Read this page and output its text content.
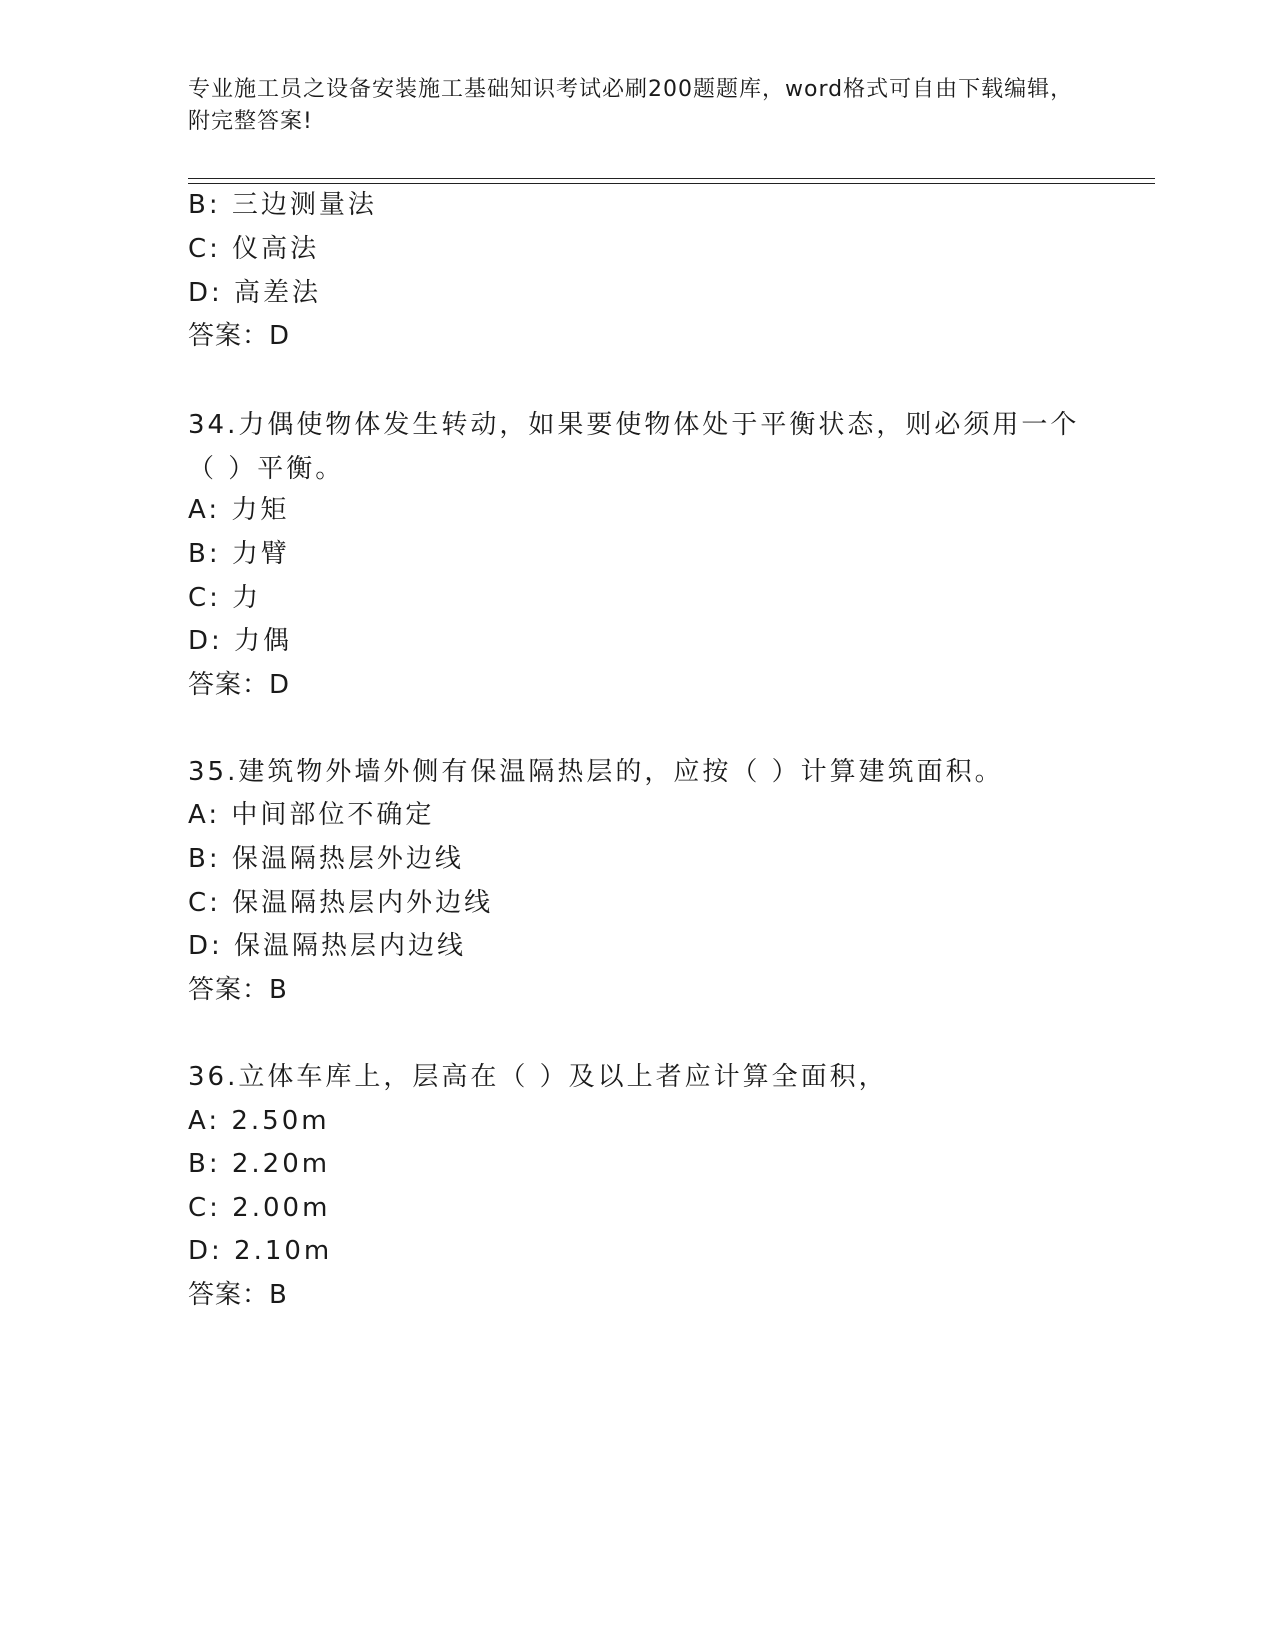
专业施工员之设备安装施工基础知识考试必刷200题题库，word格式可自由下载编辑，附完整答案!
B: 三边测量法
C: 仪高法
D: 高差法
答案：D
34.力偶使物体发生转动，如果要使物体处于平衡状态，则必须用一个（ ）平衡。
A: 力矩
B: 力臂
C: 力
D: 力偶
答案：D
35.建筑物外墙外侧有保温隔热层的，应按（ ）计算建筑面积。
A: 中间部位不确定
B: 保温隔热层外边线
C: 保温隔热层内外边线
D: 保温隔热层内边线
答案：B
36.立体车库上，层高在（ ）及以上者应计算全面积，
A: 2.50m
B: 2.20m
C: 2.00m
D: 2.10m
答案：B
